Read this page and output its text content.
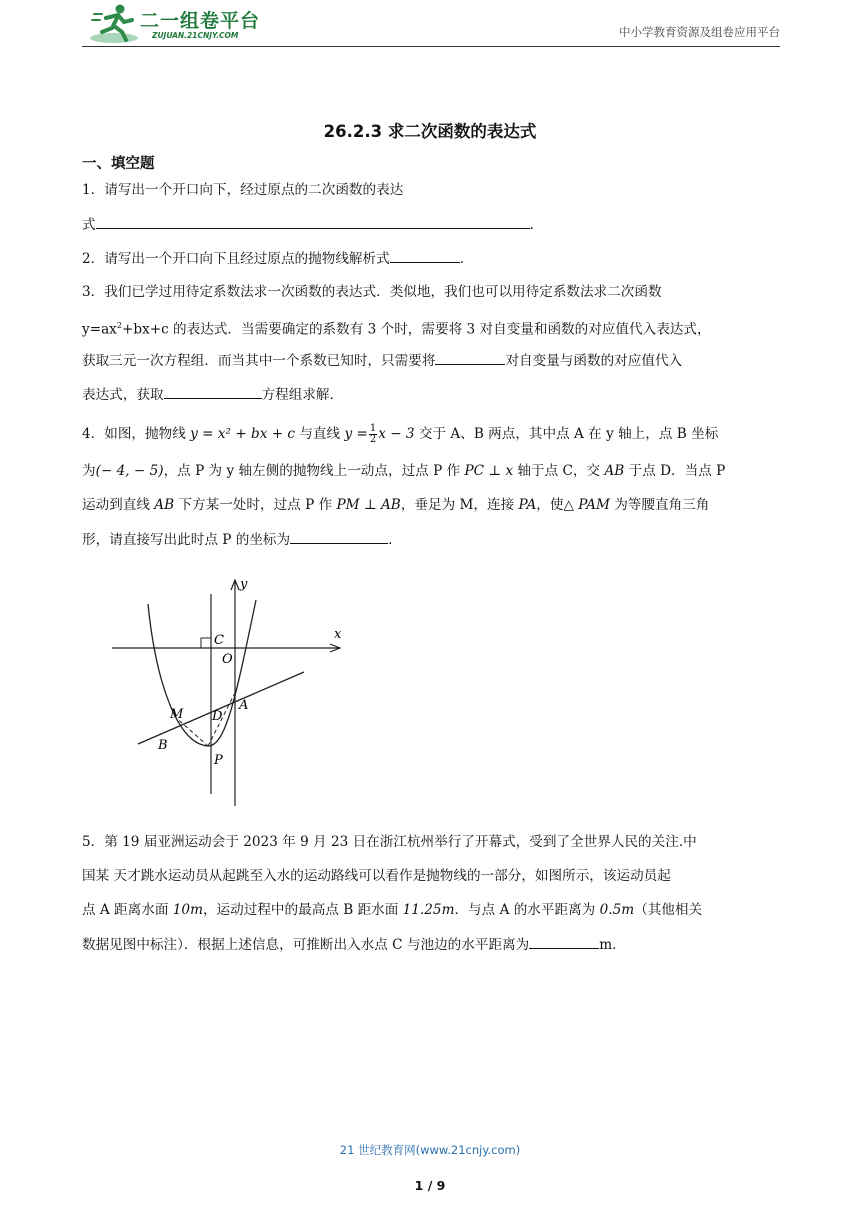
二一组卷平台
ZUJUAN.21CNJY.COM	中小学教育资源及组卷应用平台
26.2.3 求二次函数的表达式
一、填空题
1．请写出一个开口向下，经过原点的二次函数的表达
式	.
2．请写出一个开口向下且经过原点的抛物线解析式	.
3．我们已学过用待定系数法求一次函数的表达式．类似地，我们也可以用待定系数法求二次函数
$y=ax^2+bx+c$ 的表达式．当需要确定的系数有 3 个时，需要将 3 对自变量和函数的对应值代入表达式，
获取三元一次方程组．而当其中一个系数已知时，只需要将	对自变量与函数的对应值代入
表达式，获取	方程组求解．
4．如图，抛物线 y = x² + bx + c 与直线 $y = \frac{1}{2}$ x − 3 交于 A、B 两点，其中点 A 在 y 轴上，点 B 坐标
为(− 4, − 5)，点 P 为 y 轴左侧的抛物线上一动点，过点 P 作 PC ⊥ x 轴于点 C，交 AB 于点 D．当点 P
运动到直线 AB 下方某一处时，过点 P 作 PM ⊥ AB，垂足为 M，连接 PA，使△ PAM 为等腰直角三角
形，请直接写出此时点 P 的坐标为	.
x
y
C
O
A
M D
B
P
5．第 19 届亚洲运动会于 2023 年 9 月 23 日在浙江杭州举行了开幕式，受到了全世界人民的关注.中
国某 天才跳水运动员从起跳至入水的运动路线可以看作是抛物线的一部分，如图所示，该运动员起
点 A 距离水面 10m，运动过程中的最高点 B 距水面 11.25m．与点 A 的水平距离为 0.5m（其他相关
数据见图中标注）．根据上述信息，可推断出入水点 C 与池边的水平距离为	m．
21 世纪教育网(www.21cnjy.com)
1 / 9
